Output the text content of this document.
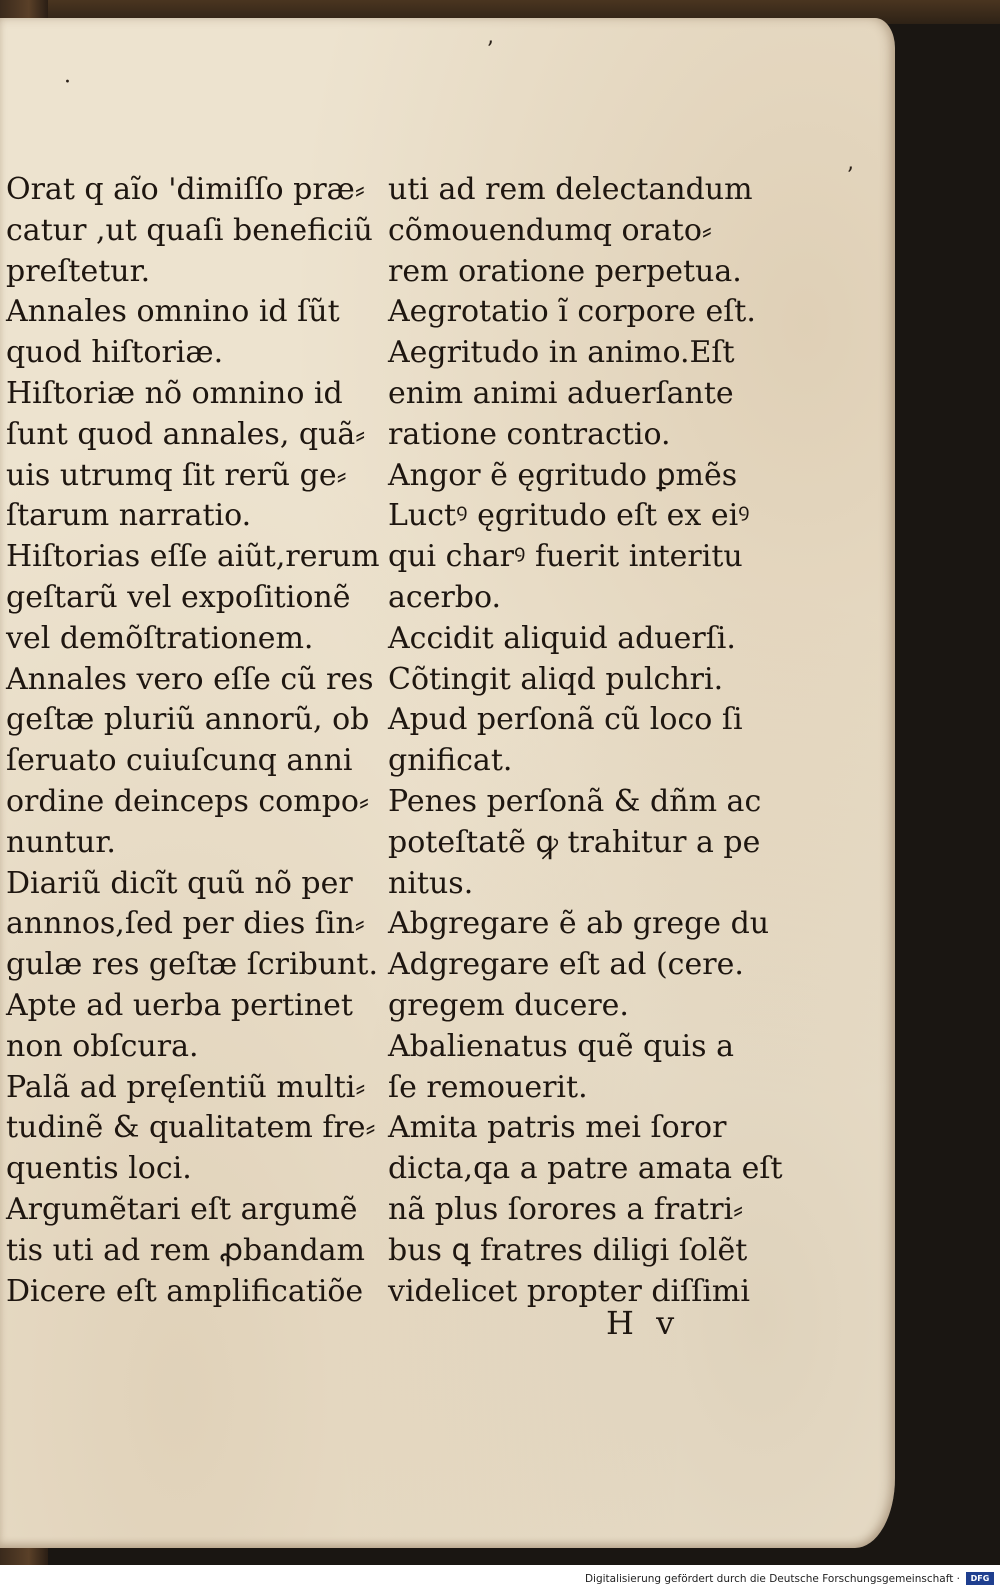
·
ʼ
ʼ
Orat q aĩo 'dimiſſo præ⸗
catur ,ut quaſi beneficiũ
preſtetur.
Annales omnino id ſũt
quod hiſtoriæ.
Hiſtoriæ nõ omnino id
ſunt quod annales, quã⸗
uis utrumq ſit rerũ ge⸗
ſtarum narratio.
Hiſtorias eſſe aiũt,rerum
geſtarũ vel expoſitionẽ
vel demõſtrationem.
Annales vero eſſe cũ res
geſtæ pluriũ annorũ, ob
ſeruato cuiuſcunq anni
ordine deinceps compo⸗
nuntur.
Diariũ dicĩt quũ nõ per
annnos,ſed per dies ſin⸗
gulæ res geſtæ ſcribunt.
Apte ad uerba pertinet
non obſcura.
Palã ad pręſentiũ multi⸗
tudinẽ & qualitatem fre⸗
quentis loci.
Argumẽtari eſt argumẽ
tis uti ad rem ꝓbandam
Dicere eſt amplificatiõe
uti ad rem delectandum
cõmouendumq orato⸗
rem oratione perpetua.
Aegrotatio ĩ corpore eſt.
Aegritudo in animo.Eſt
enim animi aduerſante
ratione contractio.
Angor ẽ ęgritudo ꝑmẽs
Luctꝰ ęgritudo eſt ex eiꝰ
qui charꝰ fuerit interitu
acerbo.
Accidit aliquid aduerſi.
Cõtingit aliqd pulchri.
Apud perſonã cũ loco ſi
gnificat.
Penes perſonã & dñm ac
poteſtatẽ ꝙ trahitur a pe
nitus.
Abgregare ẽ ab grege du
Adgregare eſt ad (cere.
gregem ducere.
Abalienatus quẽ quis a
ſe remouerit.
Amita patris mei ſoror
dicta,qa a patre amata eſt
nã plus ſorores a fratri⸗
bus ꝗ fratres diligi ſolẽt
videlicet propter diſſimi
H v
Digitalisierung gefördert durch die Deutsche Forschungsgemeinschaft ·	DFG
